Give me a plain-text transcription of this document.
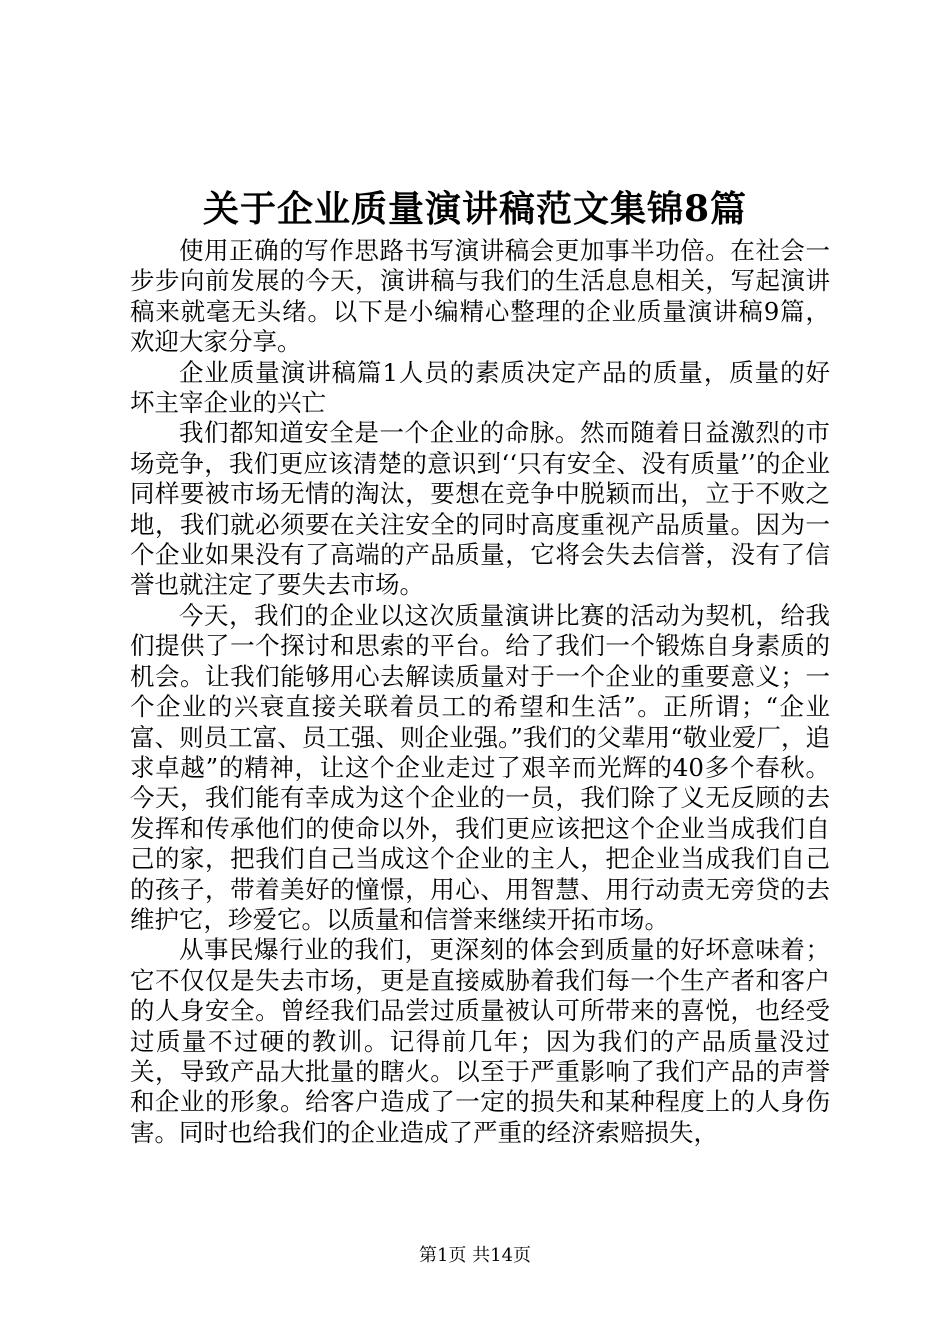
关于企业质量演讲稿范文集锦8篇

使用正确的写作思路书写演讲稿会更加事半功倍。在社会一步步向前发展的今天，演讲稿与我们的生活息息相关，写起演讲稿来就毫无头绪。以下是小编精心整理的企业质量演讲稿9篇，欢迎大家分享。

企业质量演讲稿篇1人员的素质决定产品的质量，质量的好坏主宰企业的兴亡

我们都知道安全是一个企业的命脉。然而随着日益激烈的市场竞争，我们更应该清楚的意识到‘‘只有安全、没有质量’’的企业同样要被市场无情的淘汰，要想在竞争中脱颖而出，立于不败之地，我们就必须要在关注安全的同时高度重视产品质量。因为一个企业如果没有了高端的产品质量，它将会失去信誉，没有了信誉也就注定了要失去市场。

今天，我们的企业以这次质量演讲比赛的活动为契机，给我们提供了一个探讨和思索的平台。给了我们一个锻炼自身素质的机会。让我们能够用心去解读质量对于一个企业的重要意义；一个企业的兴衰直接关联着员工的希望和生活”。正所谓；“企业富、则员工富、员工强、则企业强。”我们的父辈用“敬业爱厂，追求卓越”的精神，让这个企业走过了艰辛而光辉的40多个春秋。今天，我们能有幸成为这个企业的一员，我们除了义无反顾的去发挥和传承他们的使命以外，我们更应该把这个企业当成我们自己的家，把我们自己当成这个企业的主人，把企业当成我们自己的孩子，带着美好的憧憬，用心、用智慧、用行动责无旁贷的去维护它，珍爱它。以质量和信誉来继续开拓市场。

从事民爆行业的我们，更深刻的体会到质量的好坏意味着；它不仅仅是失去市场，更是直接威胁着我们每一个生产者和客户的人身安全。曾经我们品尝过质量被认可所带来的喜悦，也经受过质量不过硬的教训。记得前几年；因为我们的产品质量没过关，导致产品大批量的瞎火。以至于严重影响了我们产品的声誉和企业的形象。给客户造成了一定的损失和某种程度上的人身伤害。同时也给我们的企业造成了严重的经济索赔损失，

第1页 共14页
